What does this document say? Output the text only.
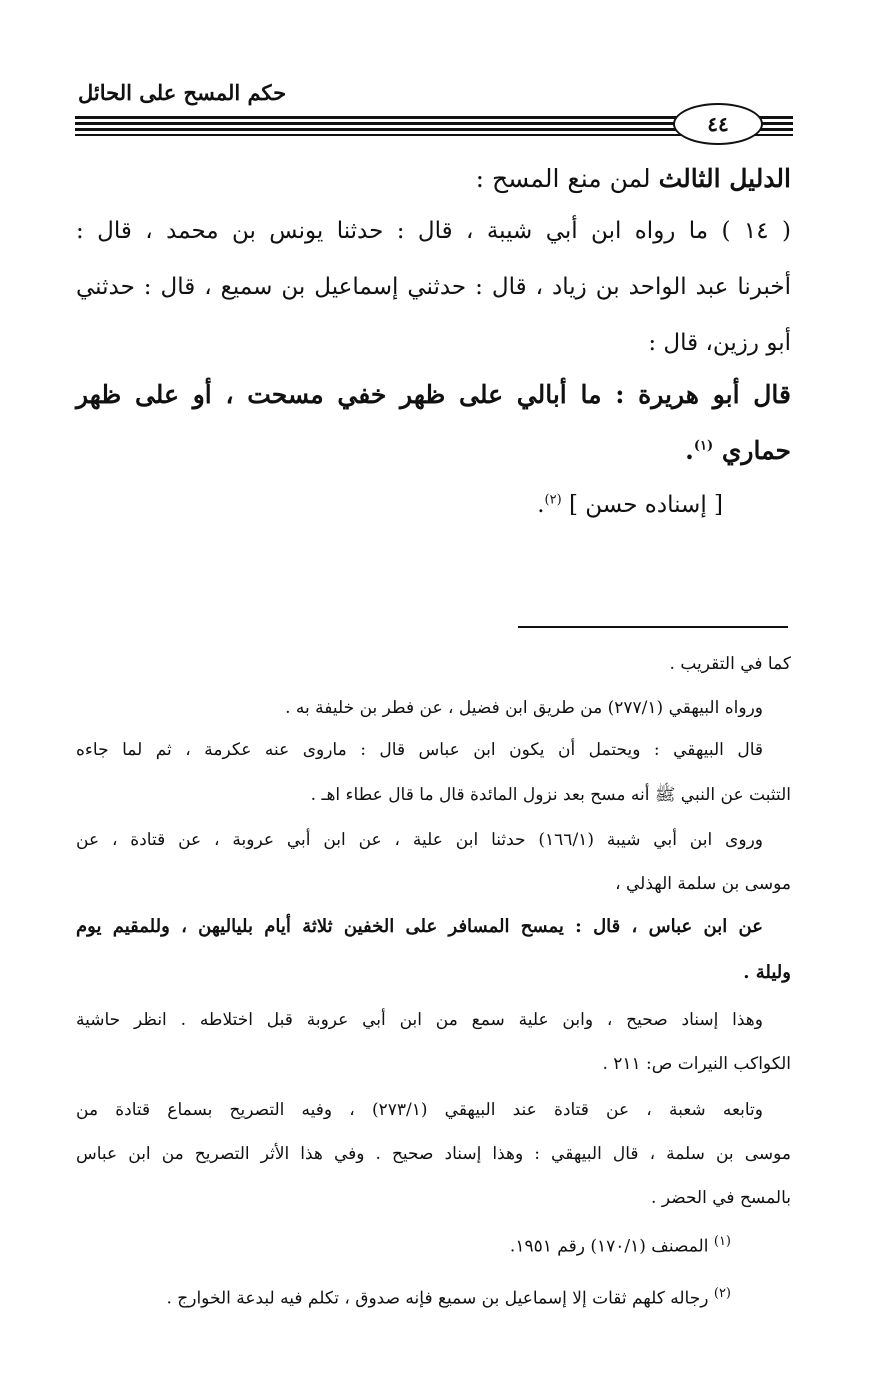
حكم المسح على الحائل
٤٤
الدليل الثالث لمن منع المسح :
( ١٤ ) ما رواه ابن أبي شيبة ، قال : حدثنا يونس بن محمد ، قال :
أخبرنا عبد الواحد بن زياد ، قال : حدثني إسماعيل بن سميع ، قال : حدثني
أبو رزين، قال :
قال أبو هريرة : ما أبالي على ظهر خفي مسحت ، أو على ظهر
حماري $^{(١)}$.
[ إسناده حسن ] $^{(٢)}$.
كما في التقريب .
ورواه البيهقي (٢٧٧/١) من طريق ابن فضيل ، عن فطر بن خليفة به .
قال البيهقي : ويحتمل أن يكون ابن عباس قال : ماروى عنه عكرمة ، ثم لما جاءه
التثبت عن النبي ﷺ أنه مسح بعد نزول المائدة قال ما قال عطاء اهـ .
وروى ابن أبي شيبة (١٦٦/١) حدثنا ابن علية ، عن ابن أبي عروبة ، عن قتادة ، عن
موسى بن سلمة الهذلي ،
عن ابن عباس ، قال : يمسح المسافر على الخفين ثلاثة أيام بلياليهن ، وللمقيم يوم
وليلة .
وهذا إسناد صحيح ، وابن علية سمع من ابن أبي عروبة قبل اختلاطه . انظر حاشية
الكواكب النيرات ص: ٢١١ .
وتابعه شعبة ، عن قتادة عند البيهقي (٢٧٣/١) ، وفيه التصريح بسماع قتادة من
موسى بن سلمة ، قال البيهقي : وهذا إسناد صحيح . وفي هذا الأثر التصريح من ابن عباس
بالمسح في الحضر .
$^{(١)}$ المصنف (١٧٠/١) رقم ١٩٥١.
$^{(٢)}$ رجاله كلهم ثقات إلا إسماعيل بن سميع فإنه صدوق ، تكلم فيه لبدعة الخوارج .
